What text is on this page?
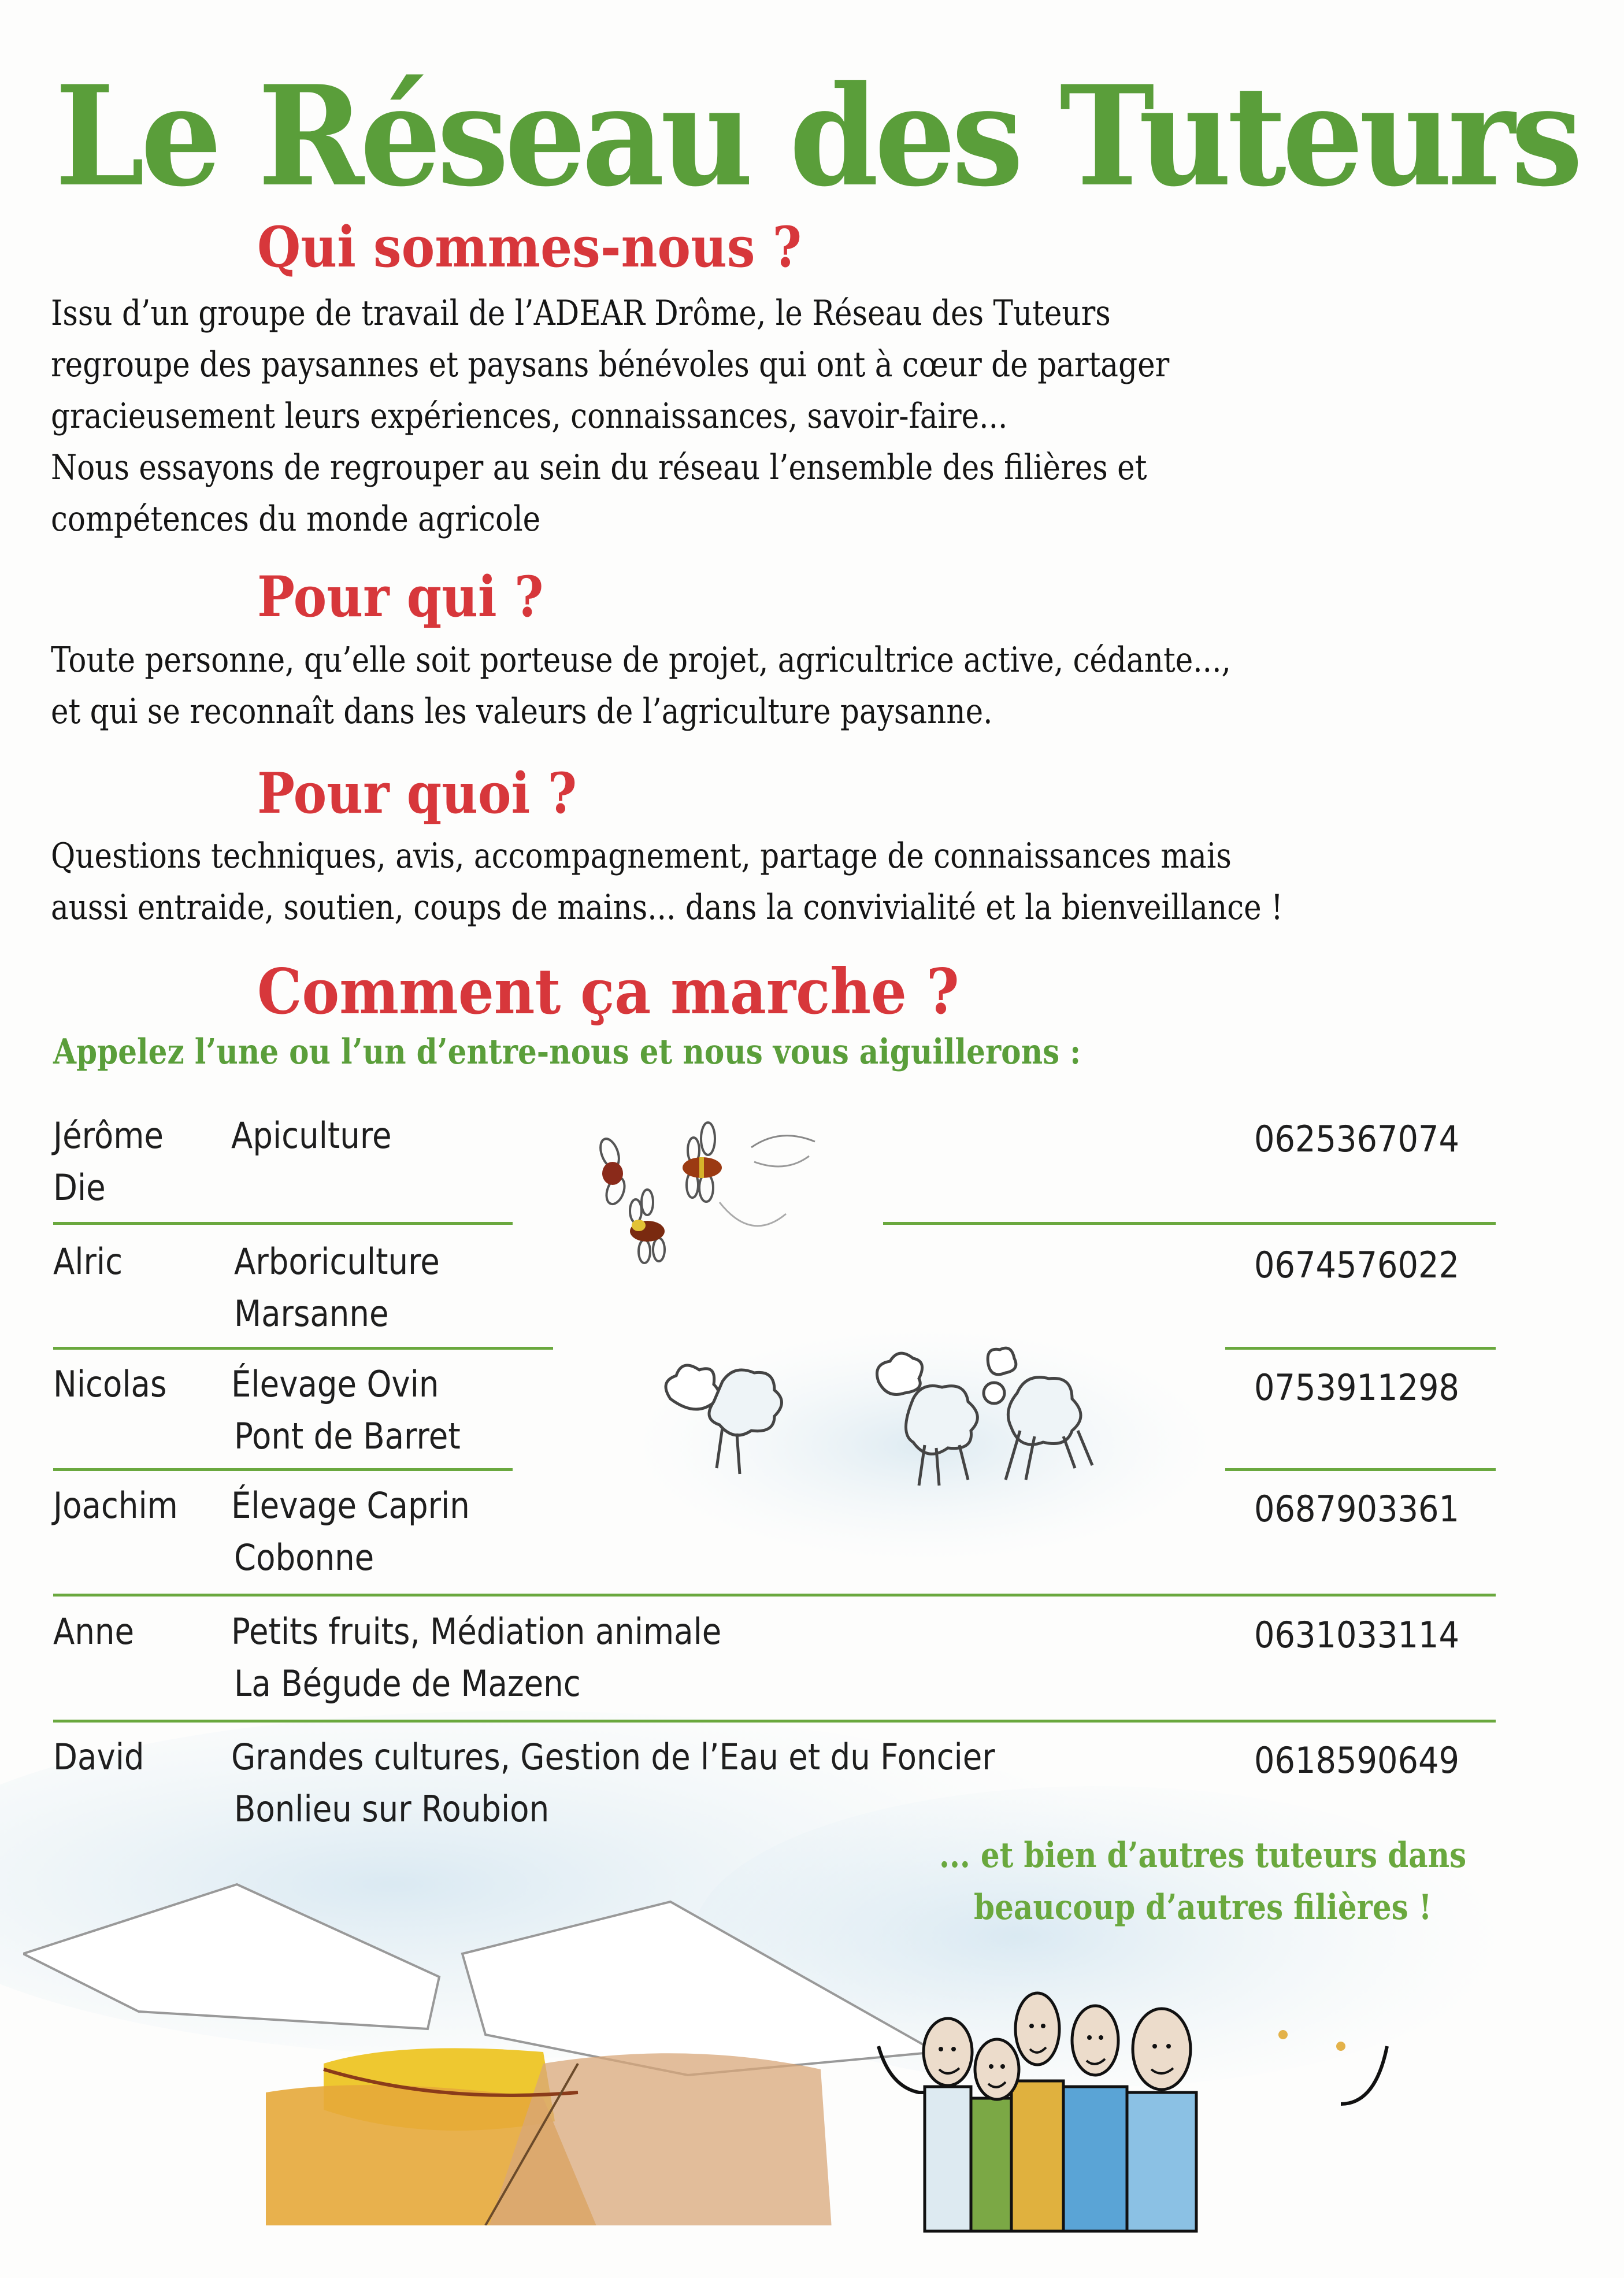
Le Réseau des Tuteurs
Qui sommes-nous ?
Issu d’un groupe de travail de l’ADEAR Drôme, le Réseau des Tuteurs
regroupe des paysannes et paysans bénévoles qui ont à cœur de partager
gracieusement leurs expériences, connaissances, savoir-faire...
Nous essayons de regrouper au sein du réseau l’ensemble des filières et
compétences du monde agricole
Pour qui ?
Toute personne, qu’elle soit porteuse de projet, agricultrice active, cédante...,
et qui se reconnaît dans les valeurs de l’agriculture paysanne.
Pour quoi ?
Questions techniques, avis, accompagnement, partage de connaissances mais
aussi entraide, soutien, coups de mains... dans la convivialité et la bienveillance !
Comment ça marche ?
Appelez l’une ou l’un d’entre-nous et nous vous aiguillerons :
Jérôme Apiculture
Die
0625367074
Alric	Arboriculture
Marsanne
0674576022
Nicolas Élevage Ovin
Pont de Barret
0753911298
Joachim Élevage Caprin
Cobonne
0687903361
Anne	Petits fruits, Médiation animale
La Bégude de Mazenc
0631033114
David Grandes cultures, Gestion de l’Eau et du Foncier
Bonlieu sur Roubion
0618590649
... et bien d’autres tuteurs dans
beaucoup d’autres filières !
